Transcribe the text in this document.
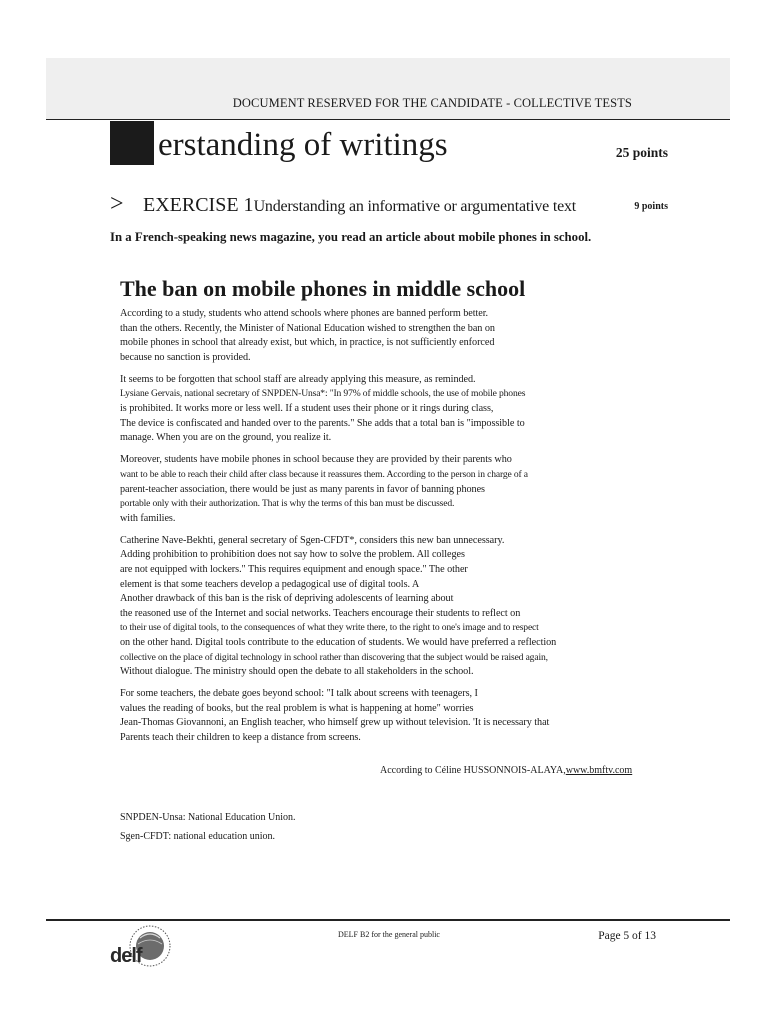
DOCUMENT RESERVED FOR THE CANDIDATE - COLLECTIVE TESTS
erstanding of writings	25 points
> EXERCISE 1Understanding an informative or argumentative text	9 points
In a French-speaking news magazine, you read an article about mobile phones in school.
The ban on mobile phones in middle school
According to a study, students who attend schools where phones are banned perform better.
than the others. Recently, the Minister of National Education wished to strengthen the ban on
mobile phones in school that already exist, but which, in practice, is not sufficiently enforced
because no sanction is provided.
It seems to be forgotten that school staff are already applying this measure, as reminded.
Lysiane Gervais, national secretary of SNPDEN-Unsa*: "In 97% of middle schools, the use of mobile phones
is prohibited. It works more or less well. If a student uses their phone or it rings during class,
The device is confiscated and handed over to the parents." She adds that a total ban is "impossible to
manage. When you are on the ground, you realize it.
Moreover, students have mobile phones in school because they are provided by their parents who
want to be able to reach their child after class because it reassures them. According to the person in charge of a
parent-teacher association, there would be just as many parents in favor of banning phones
portable only with their authorization. That is why the terms of this ban must be discussed.
with families.
Catherine Nave-Bekhti, general secretary of Sgen-CFDT*, considers this new ban unnecessary.
Adding prohibition to prohibition does not say how to solve the problem. All colleges
are not equipped with lockers." This requires equipment and enough space." The other
element is that some teachers develop a pedagogical use of digital tools. A
Another drawback of this ban is the risk of depriving adolescents of learning about
the reasoned use of the Internet and social networks. Teachers encourage their students to reflect on
to their use of digital tools, to the consequences of what they write there, to the right to one's image and to respect
on the other hand. Digital tools contribute to the education of students. We would have preferred a reflection
collective on the place of digital technology in school rather than discovering that the subject would be raised again,
Without dialogue. The ministry should open the debate to all stakeholders in the school.
For some teachers, the debate goes beyond school: "I talk about screens with teenagers, I
values the reading of books, but the real problem is what is happening at home" worries
Jean-Thomas Giovannoni, an English teacher, who himself grew up without television. 'It is necessary that
Parents teach their children to keep a distance from screens.
According to Céline HUSSONNOIS-ALAYA,www.bmftv.com
SNPDEN-Unsa: National Education Union.
Sgen-CFDT: national education union.
delf
DELF B2 for the general public	Page 5 of 13
